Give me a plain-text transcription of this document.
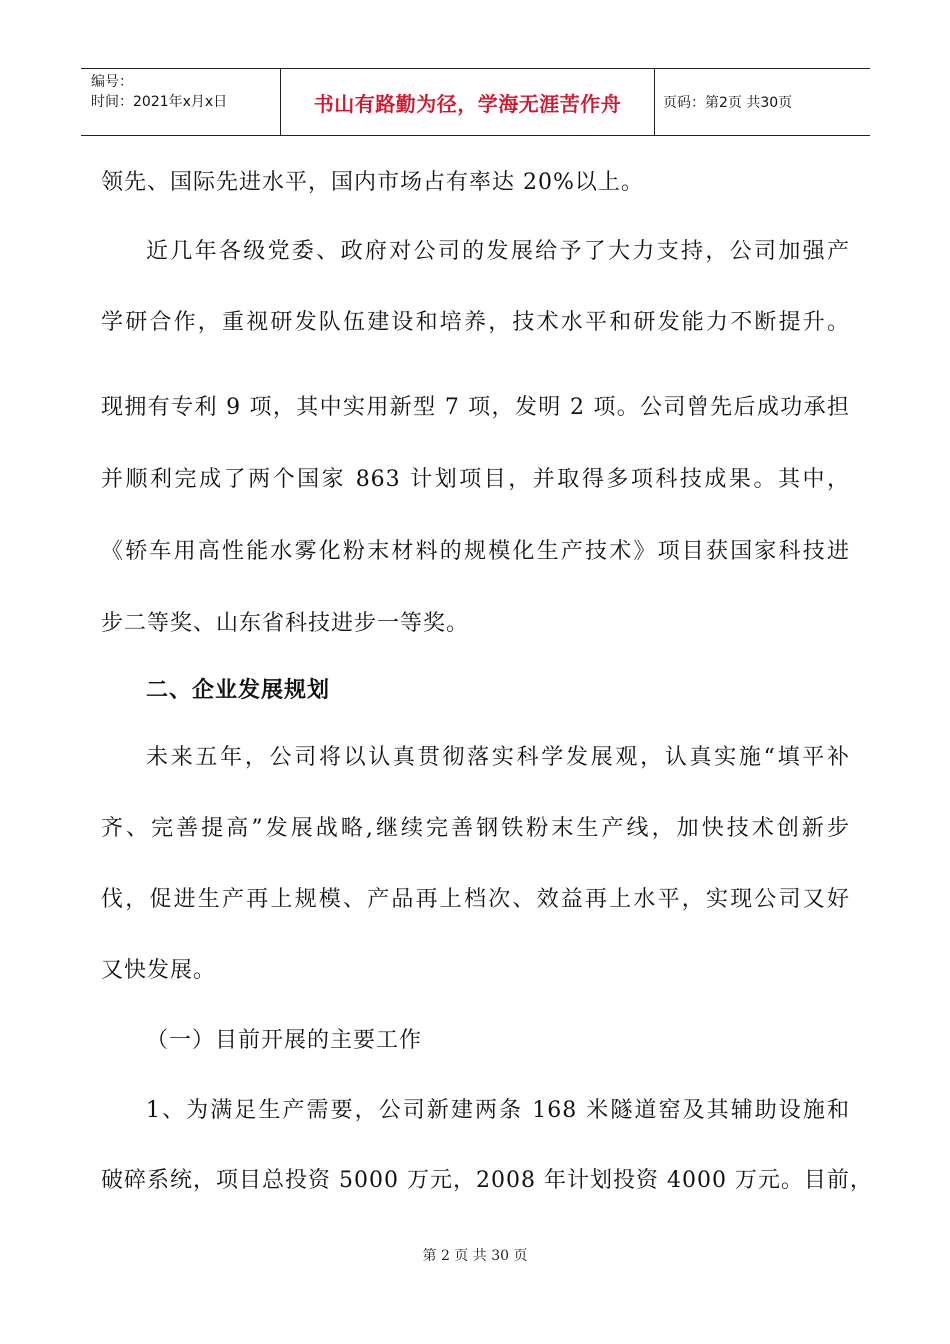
编号：
时间：2021年x月x日	书山有路勤为径，学海无涯苦作舟	页码：第2页 共30页

领先、国际先进水平，国内市场占有率达 20%以上。

近几年各级党委、政府对公司的发展给予了大力支持，公司加强产

学研合作，重视研发队伍建设和培养，技术水平和研发能力不断提升。

现拥有专利 9 项，其中实用新型 7 项，发明 2 项。公司曾先后成功承担

并顺利完成了两个国家 863 计划项目，并取得多项科技成果。其中，

《轿车用高性能水雾化粉末材料的规模化生产技术》项目获国家科技进

步二等奖、山东省科技进步一等奖。

二、企业发展规划

未来五年，公司将以认真贯彻落实科学发展观，认真实施“填平补

齐、完善提高”发展战略,继续完善钢铁粉末生产线，加快技术创新步

伐，促进生产再上规模、产品再上档次、效益再上水平，实现公司又好

又快发展。

（一）目前开展的主要工作

1、为满足生产需要，公司新建两条 168 米隧道窑及其辅助设施和

破碎系统，项目总投资 5000 万元，2008 年计划投资 4000 万元。目前，

第 2 页 共 30 页
